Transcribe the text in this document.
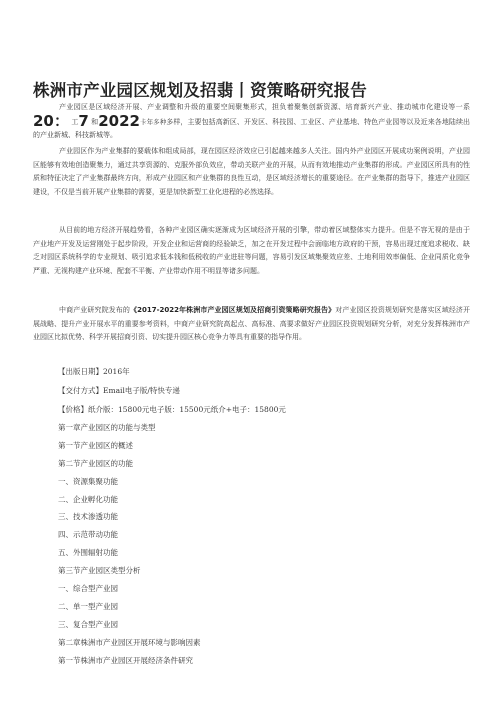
株洲市产业园区规划及招翡丨资策略研究报告

产业园区是区域经济开展、产业调整和升级的重要空间聚集形式，担负着聚集创新资源、培育新兴产业、推动城市化建设等一系20： 工7 和2022卡年多种多样，主要包括高新区、开发区、科技园、工业区、产业基地、特色产业园等以及近来各地陆续出的产业新城、科技新城等。

产业园区作为产业集群的要载体和组成局部，现在园区经济效应已引起越来越多人关注。国内外产业园区开展成功案例说明，产业园区能够有效地创造聚集力，通过共享资源的、克服外部负效应，带动关联产业的开展，从而有效地推动产业集群的形成。产业园区所具有的性质和特征决定了产业集群最终方向，形成产业园区和产业集群的良性互动，是区域经济增长的重要途径。在产业集群的指导下，推进产业园区建设，不仅是当前开展产业集群的需要，更是加快新型工业化进程的必然选择。

从目前的地方经济开展趋势看，各种产业园区确实逐渐成为区域经济开展的引擎，带动着区域整体实力提升。但是不容无视的是由于产业地产开发及运营刚处于起步阶段，开发企业和运营商的经验缺乏，加之在开发过程中会面临地方政府的干预，容易出现过度追求税收、缺乏对园区系统科学的专业规划、吸引追求低本钱和低税收的产业进驻等问题，容易引发区域集聚效应差、土地利用效率偏低、企业同质化竞争严重、无视构建产业环境、配套不平衡、产业带动作用不明显等诸多问题。

中商产业研究院发布的《2017-2022年株洲市产业园区规划及招商引资策略研究报告》对产业园区投资规划研究是落实区域经济开展战略、提升产业开展水平的重要参考资料，中商产业研究院高起点、高标准、高要求做好产业园区投资规划研究分析，对充分发挥株洲市产业园区比拟优势、科学开展招商引资、切实提升园区核心竞争力等具有重要的指导作用。

【出版日期】2016年
【交付方式】Email电子版/特快专递
【价格】纸介版：15800元电子版：15500元纸介+电子：15800元
第一章产业园区的功能与类型
第一节产业园区的概述
第二节产业园区的功能
一、资源集聚功能
二、企业孵化功能
三、技术渗透功能
四、示范带动功能
五、外围辐射功能
第三节产业园区类型分析
一、综合型产业园
二、单一型产业园
三、复合型产业园
第二章株洲市产业园区开展环境与影响因素
第一节株洲市产业园区开展经济条件研究
